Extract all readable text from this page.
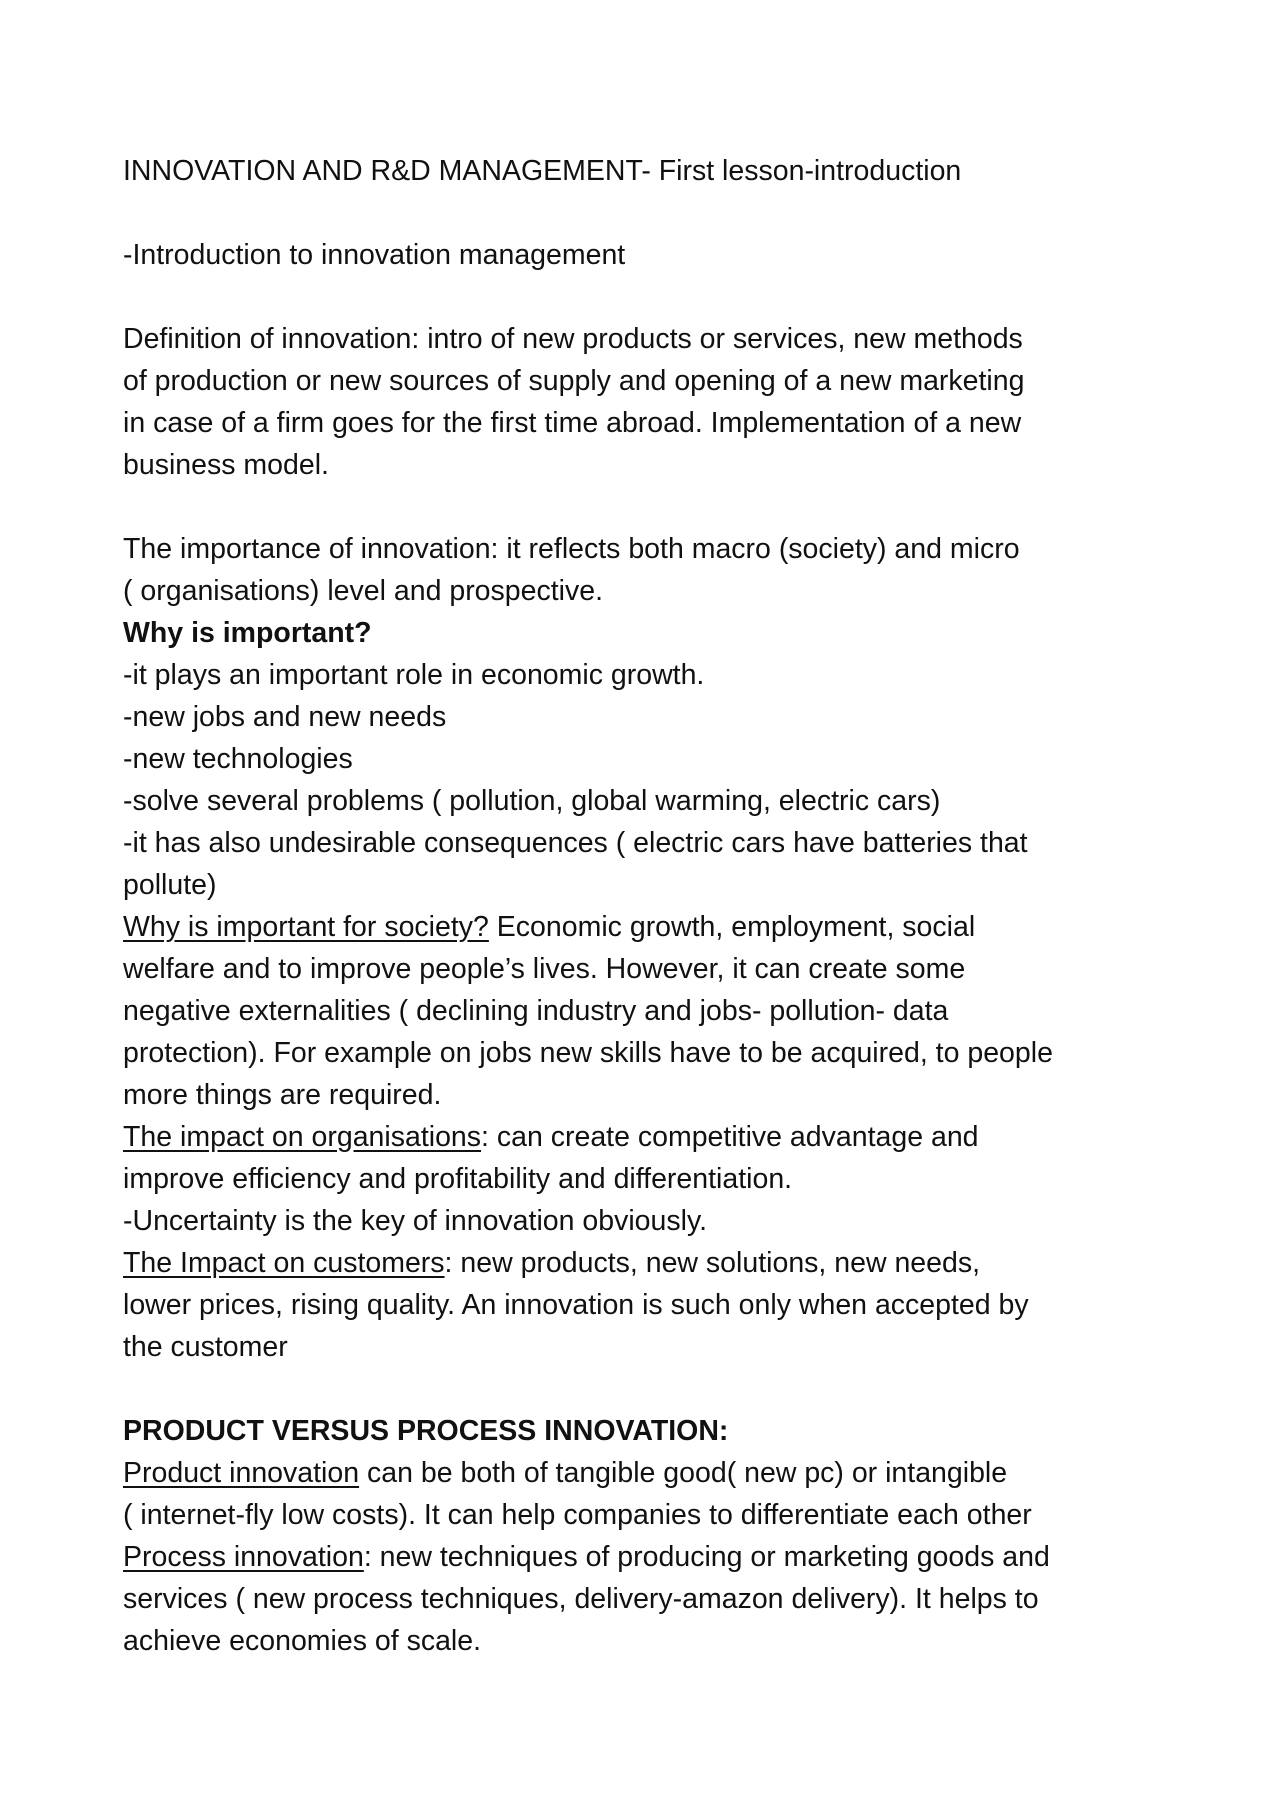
INNOVATION AND R&D MANAGEMENT- First lesson-introduction

-Introduction to innovation management

Definition of innovation: intro of new products or services, new methods

of production or new sources of supply and opening of a new marketing

in case of a firm goes for the first time abroad. Implementation of a new

business model.

The importance of innovation: it reflects both macro (society) and micro

( organisations) level and prospective.

Why is important?

-it plays an important role in economic growth.

-new jobs and new needs

-new technologies

-solve several problems ( pollution, global warming, electric cars)

-it has also undesirable consequences ( electric cars have batteries that

pollute)

Why is important for society? Economic growth, employment, social

welfare and to improve people’s lives. However, it can create some

negative externalities ( declining industry and jobs- pollution- data

protection). For example on jobs new skills have to be acquired, to people

more things are required.

The impact on organisations: can create competitive advantage and

improve efficiency and profitability and differentiation.

-Uncertainty is the key of innovation obviously.

The Impact on customers: new products, new solutions, new needs,

lower prices, rising quality. An innovation is such only when accepted by

the customer

PRODUCT VERSUS PROCESS INNOVATION:

Product innovation can be both of tangible good( new pc) or intangible

( internet-fly low costs). It can help companies to differentiate each other

Process innovation: new techniques of producing or marketing goods and

services ( new process techniques, delivery-amazon delivery). It helps to

achieve economies of scale.
